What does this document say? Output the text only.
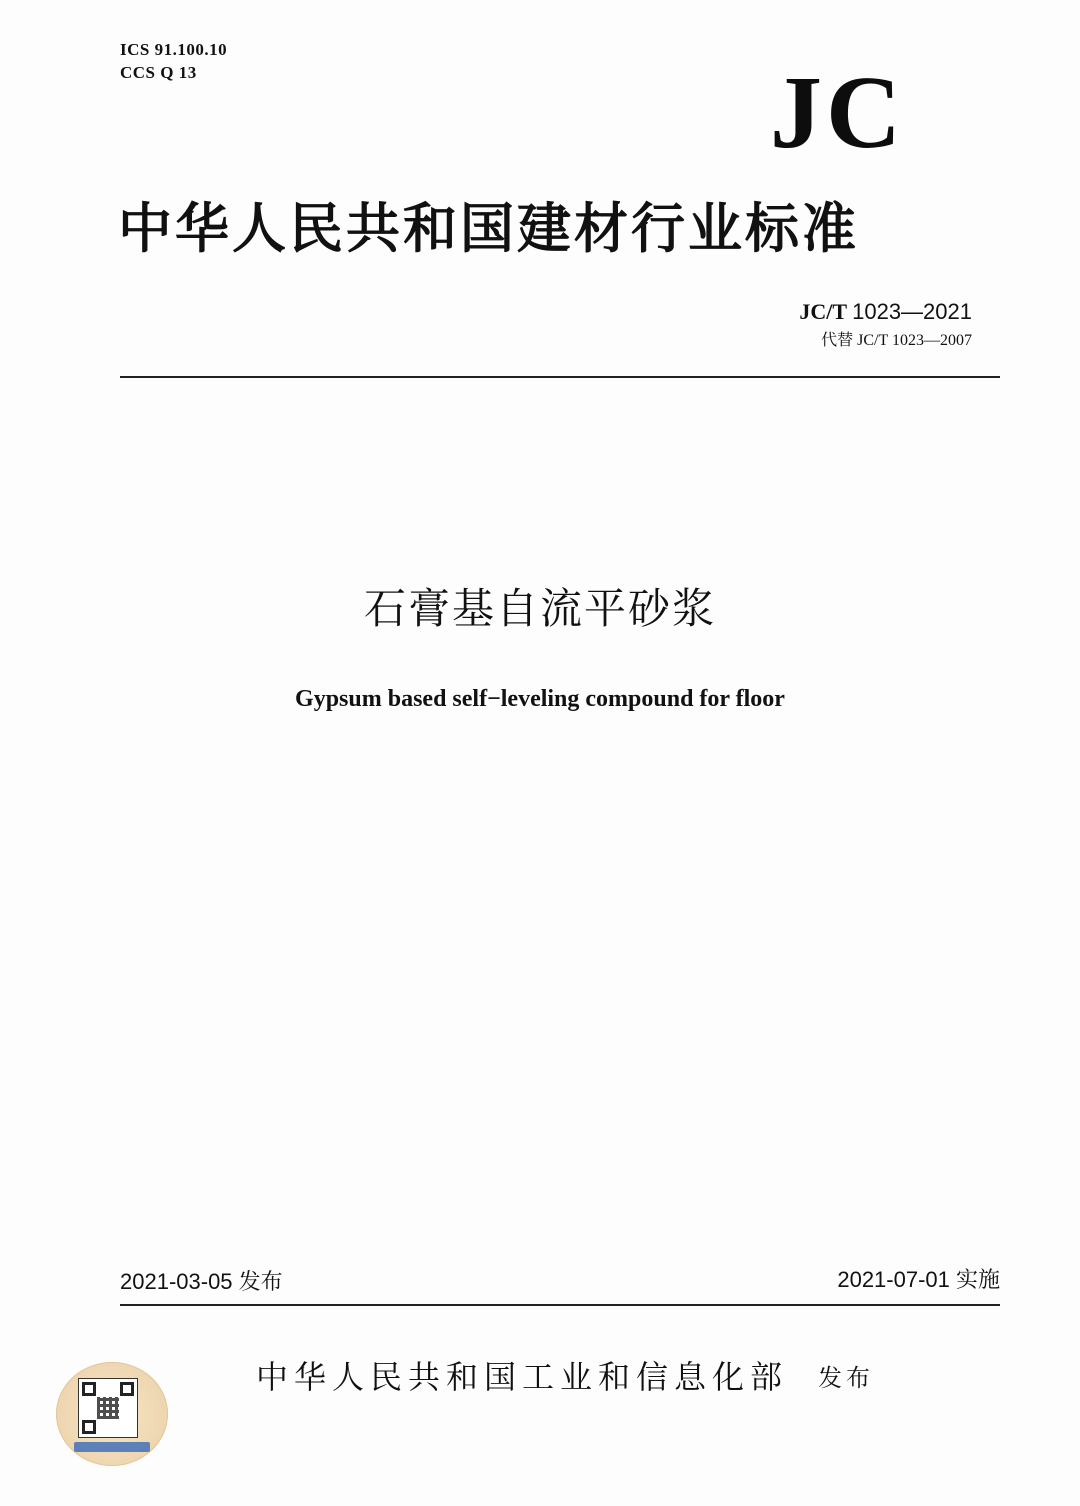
ICS 91.100.10
CCS Q 13	JC
中华人民共和国建材行业标准
JC/T 1023—2021
代替 JC/T 1023—2007
石膏基自流平砂浆
Gypsum based self−leveling compound for floor
2021-03-05 发布	2021-07-01 实施
中华人民共和国工业和信息化部 发布
